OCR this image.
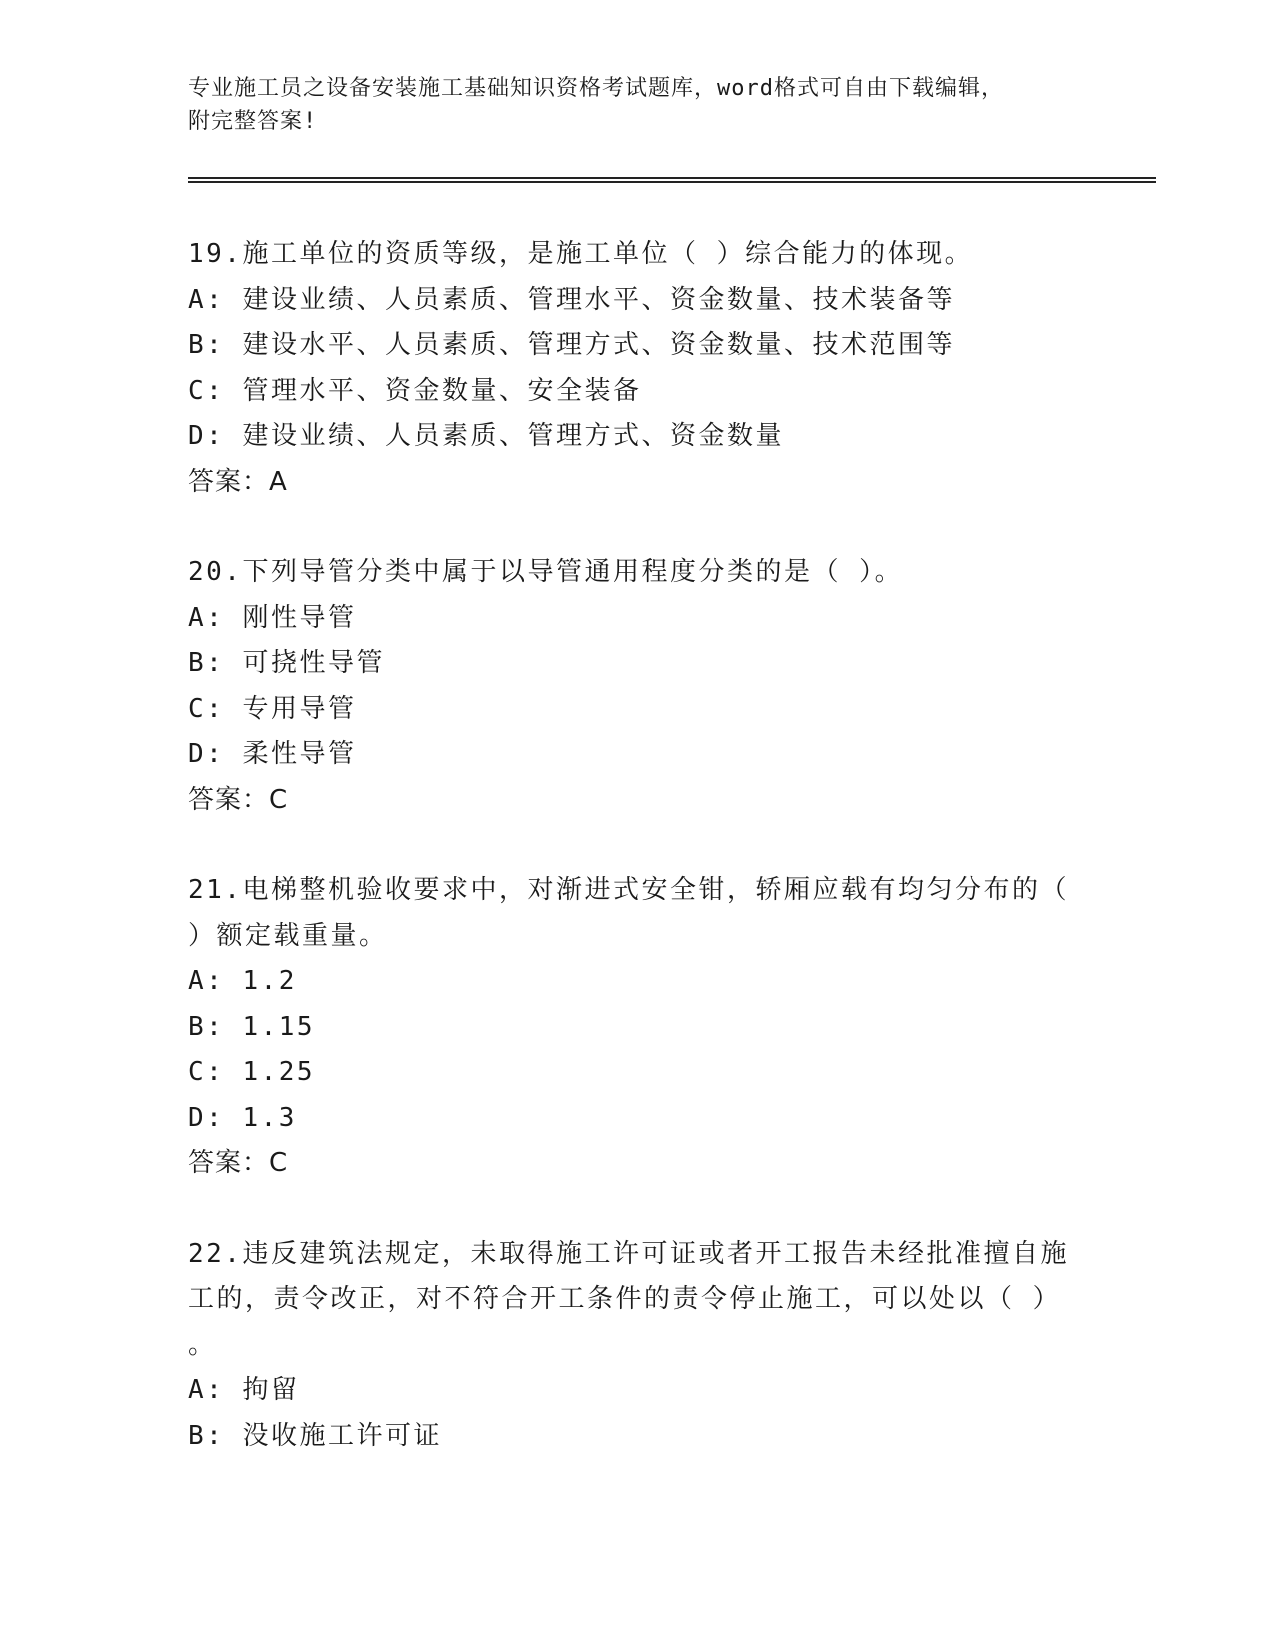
专业施工员之设备安装施工基础知识资格考试题库，word格式可自由下载编辑，
附完整答案!
19.施工单位的资质等级，是施工单位（ ）综合能力的体现。
A: 建设业绩、人员素质、管理水平、资金数量、技术装备等
B: 建设水平、人员素质、管理方式、资金数量、技术范围等
C: 管理水平、资金数量、安全装备
D: 建设业绩、人员素质、管理方式、资金数量
答案：A
20.下列导管分类中属于以导管通用程度分类的是（ ）。
A: 刚性导管
B: 可挠性导管
C: 专用导管
D: 柔性导管
答案：C
21.电梯整机验收要求中，对渐进式安全钳，轿厢应载有均匀分布的（
）额定载重量。
A: 1.2
B: 1.15
C: 1.25
D: 1.3
答案：C
22.违反建筑法规定，未取得施工许可证或者开工报告未经批准擅自施
工的，责令改正，对不符合开工条件的责令停止施工，可以处以（ ）
。
A: 拘留
B: 没收施工许可证
